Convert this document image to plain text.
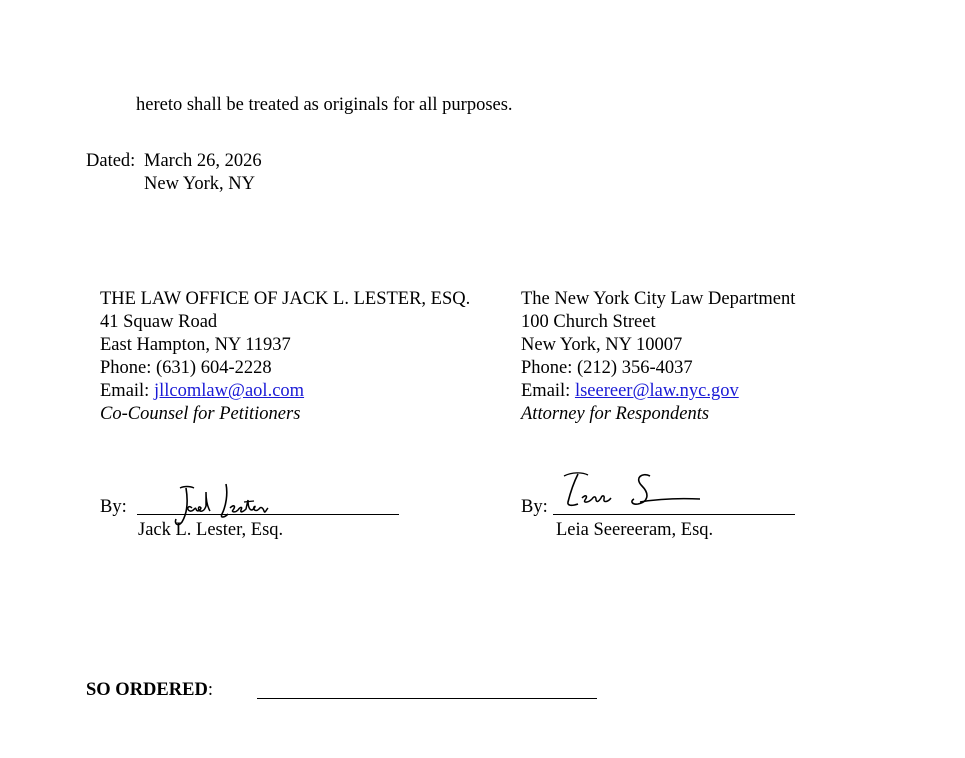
hereto shall be treated as originals for all purposes.
Dated: March 26, 2026
New York, NY
THE LAW OFFICE OF JACK L. LESTER, ESQ.
41 Squaw Road
East Hampton, NY 11937
Phone: (631) 604-2228
Email: jllcomlaw@aol.com
Co-Counsel for Petitioners
By:
Jack L. Lester, Esq.
The New York City Law Department
100 Church Street
New York, NY 10007
Phone: (212) 356-4037
Email: lseereer@law.nyc.gov
Attorney for Respondents
By:
Leia Seereeram, Esq.
SO ORDERED:
